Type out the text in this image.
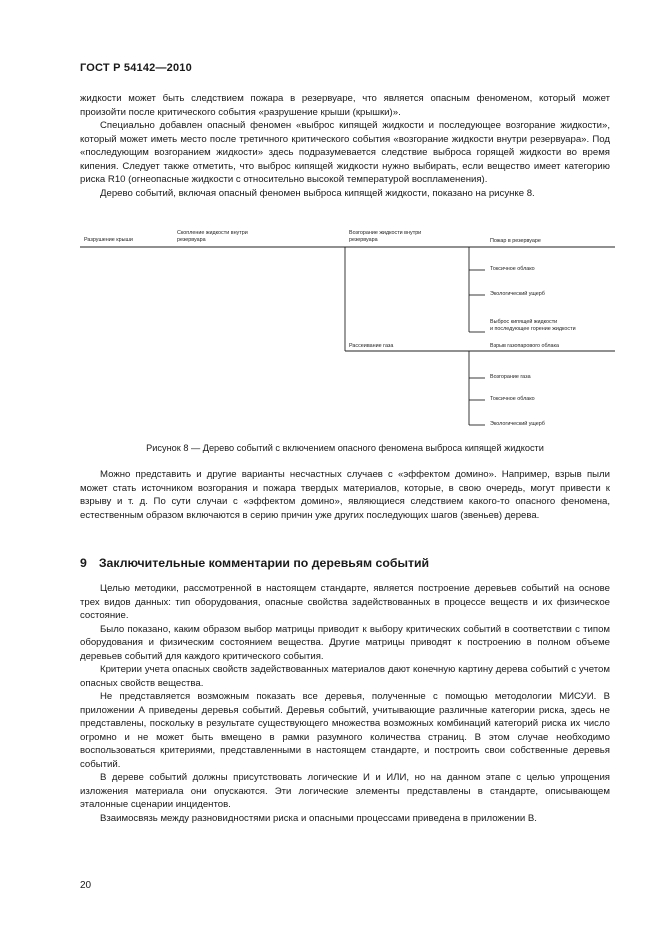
ГОСТ Р 54142—2010

жидкости может быть следствием пожара в резервуаре, что является опасным феноменом, который может произойти после критического события «разрушение крыши (крышки)».

Специально добавлен опасный феномен «выброс кипящей жидкости и последующее возгорание жидкости», который может иметь место после третичного критического события «возгорание жидкости внутри резервуара». Под «последующим возгоранием жидкости» здесь подразумевается следствие выброса горящей жидкости во время кипения. Следует также отметить, что выброс кипящей жидкости нужно выбирать, если вещество имеет категорию риска R10 (огнеопасные жидкости с относительно высокой температурой воспламенения).

Дерево событий, включая опасный феномен выброса кипящей жидкости, показано на рисунке 8.

Разрушение крыши
Скопление жидкости внутри
резервуара
Возгорание жидкости внутри
резервуара	Пожар в резервуаре
Токсичное облако
Экологический ущерб
Выброс кипящей жидкости
и последующее горение жидкости
Рассеивание газа	Взрыв газопарового облака
Возгорание газа
Токсичное облако
Экологический ущерб
Рисунок 8 — Дерево событий с включением опасного феномена выброса кипящей жидкости

Можно представить и другие варианты несчастных случаев с «эффектом домино». Например, взрыв пыли может стать источником возгорания и пожара твердых материалов, которые, в свою очередь, могут привести к взрыву и т. д. По сути случаи с «эффектом домино», являющиеся следствием какого-то опасного феномена, естественным образом включаются в серию причин уже других последующих шагов (звеньев) дерева.

9 Заключительные комментарии по деревьям событий

Целью методики, рассмотренной в настоящем стандарте, является построение деревьев событий на основе трех видов данных: тип оборудования, опасные свойства задействованных в процессе веществ и их физическое состояние.

Было показано, каким образом выбор матрицы приводит к выбору критических событий в соответствии с типом оборудования и физическим состоянием вещества. Другие матрицы приводят к построению в полном объеме деревьев событий для каждого критического события.

Критерии учета опасных свойств задействованных материалов дают конечную картину дерева событий с учетом опасных свойств вещества.

Не представляется возможным показать все деревья, полученные с помощью методологии МИСУИ. В приложении А приведены деревья событий. Деревья событий, учитывающие различные категории риска, здесь не представлены, поскольку в результате существующего множества возможных комбинаций категорий риска их число огромно и не может быть вмещено в рамки разумного количества страниц. В этом случае необходимо воспользоваться критериями, представленными в настоящем стандарте, и построить свои собственные деревья событий.

В дереве событий должны присутствовать логические И и ИЛИ, но на данном этапе с целью упрощения изложения материала они опускаются. Эти логические элементы представлены в стандарте, описывающем эталонные сценарии инцидентов.

Взаимосвязь между разновидностями риска и опасными процессами приведена в приложении В.

20
